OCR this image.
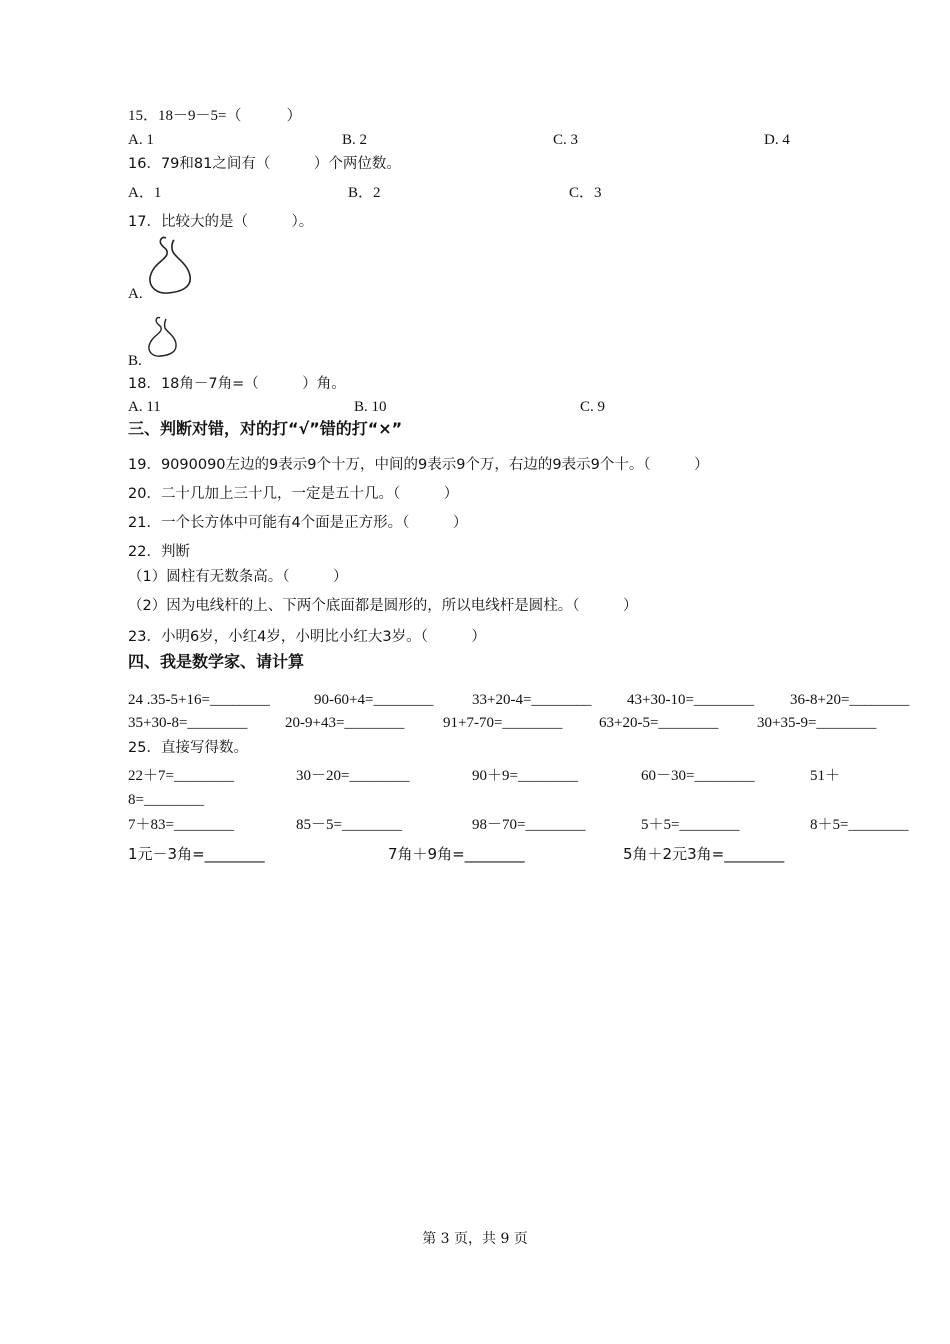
15．18－9－5=（　　　）
A. 1	B. 2	C. 3	D. 4
16．79和81之间有（　　　）个两位数。
A．1	B．2	C．3
17．比较大的是（　　　）。
A.
B.
18．18角－7角=（　　　）角。
A. 11	B. 10	C. 9
三、判断对错，对的打“√”错的打“×”
19．9090090左边的9表示9个十万，中间的9表示9个万，右边的9表示9个十。（　　　）
20．二十几加上三十几，一定是五十几。（　　　）
21．一个长方体中可能有4个面是正方形。（　　　）
22．判断
（1）圆柱有无数条高。（　　　）
（2）因为电线杆的上、下两个底面都是圆形的，所以电线杆是圆柱。（　　　）
23．小明6岁，小红4岁，小明比小红大3岁。（　　　）
四、我是数学家、请计算
24 .35-5+16=________	90-60+4=________	33+20-4=________ 43+30-10=________ 36-8+20=________
35+30-8=________	20-9+43=________	91+7-70=________ 63+20-5=________	30+35-9=________
25．直接写得数。
22＋7=________	30－20=________	90＋9=________	60－30=________	51＋
8=________
7＋83=________	85－5=________	98－70=________	5＋5=________	8＋5=________
1元－3角=________	7角＋9角=________	5角＋2元3角=________
第 3 页，共 9 页
